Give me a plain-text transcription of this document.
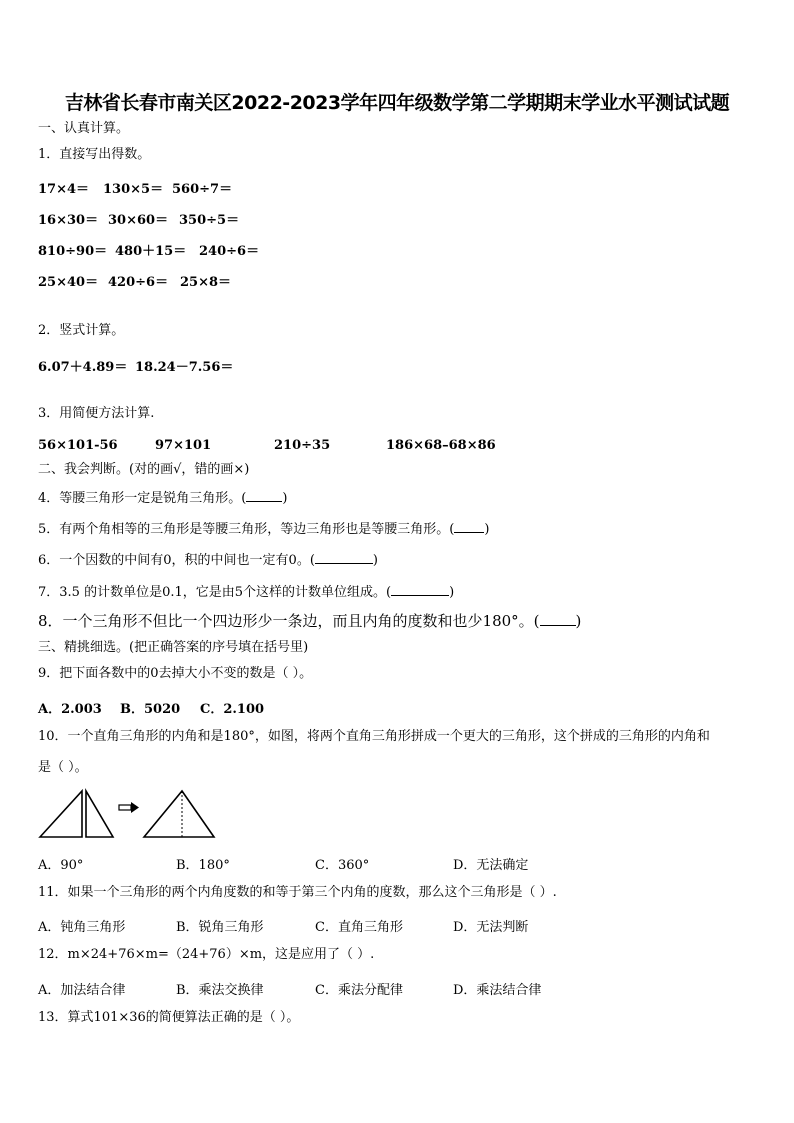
吉林省长春市南关区2022-2023学年四年级数学第二学期期末学业水平测试试题
一、认真计算。
1．直接写出得数。
17×4＝ 130×5＝ 560÷7＝
16×30＝ 30×60＝ 350÷5＝
810÷90＝ 480＋15＝ 240÷6＝
25×40＝ 420÷6＝ 25×8＝
2．竖式计算。
6.07＋4.89＝ 18.24－7.56＝
3．用简便方法计算.
56×101-56	97×101	210÷35	186×68–68×86
二、我会判断。(对的画√，错的画×)
4．等腰三角形一定是锐角三角形。(	)
5．有两个角相等的三角形是等腰三角形，等边三角形也是等腰三角形。( )
6．一个因数的中间有0，积的中间也一定有0。(	)
7．3.5 的计数单位是0.1，它是由5个这样的计数单位组成。(	)
8．一个三角形不但比一个四边形少一条边，而且内角的度数和也少180°。( )
三、精挑细选。(把正确答案的序号填在括号里)
9．把下面各数中的0去掉大小不变的数是（ ）。
A．2.003 B．5020 C．2.100
10．一个直角三角形的内角和是180°，如图，将两个直角三角形拼成一个更大的三角形，这个拼成的三角形的内角和
是（ ）。
A．90°	B．180°	C．360°	D．无法确定
11．如果一个三角形的两个内角度数的和等于第三个内角的度数，那么这个三角形是（ ）.
A．钝角三角形	B．锐角三角形	C．直角三角形	D．无法判断
12．m×24+76×m=（24+76）×m，这是应用了（ ）.
A．加法结合律	B．乘法交换律	C．乘法分配律	D．乘法结合律
13．算式101×36的简便算法正确的是（ ）。
